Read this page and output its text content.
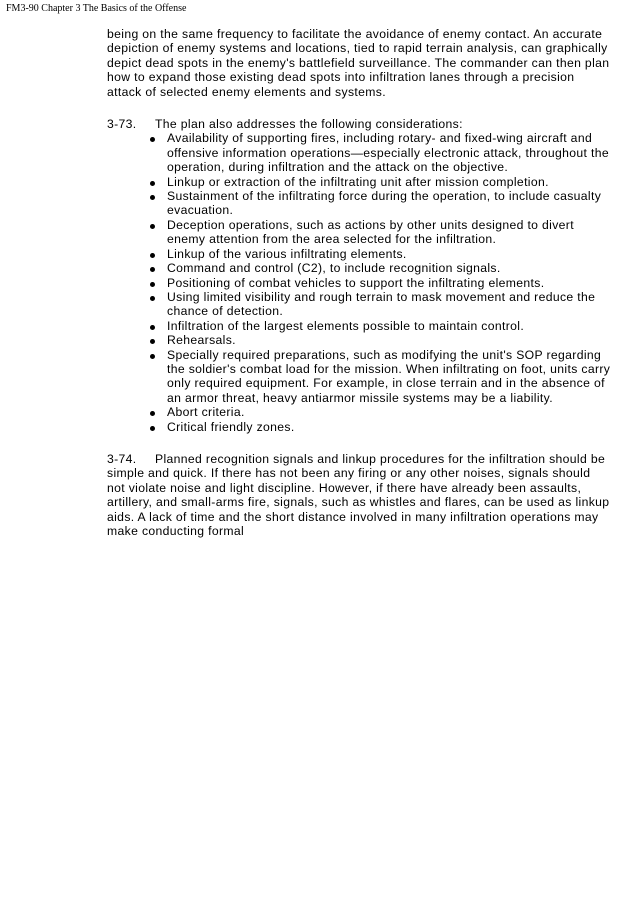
FM3-90 Chapter 3 The Basics of the Offense

being on the same frequency to facilitate the avoidance of enemy contact. An accurate depiction of enemy systems and locations, tied to rapid terrain analysis, can graphically depict dead spots in the enemy's battlefield surveillance. The commander can then plan how to expand those existing dead spots into infiltration lanes through a precision attack of selected enemy elements and systems.

3-73. The plan also addresses the following considerations:

Availability of supporting fires, including rotary- and fixed-wing aircraft and offensive information operations—especially electronic attack, throughout the operation, during infiltration and the attack on the objective.
Linkup or extraction of the infiltrating unit after mission completion.
Sustainment of the infiltrating force during the operation, to include casualty evacuation.
Deception operations, such as actions by other units designed to divert enemy attention from the area selected for the infiltration.
Linkup of the various infiltrating elements.
Command and control (C2), to include recognition signals.
Positioning of combat vehicles to support the infiltrating elements.
Using limited visibility and rough terrain to mask movement and reduce the chance of detection.
Infiltration of the largest elements possible to maintain control.
Rehearsals.
Specially required preparations, such as modifying the unit's SOP regarding the soldier's combat load for the mission. When infiltrating on foot, units carry only required equipment. For example, in close terrain and in the absence of an armor threat, heavy antiarmor missile systems may be a liability.
Abort criteria.
Critical friendly zones.

3-74. Planned recognition signals and linkup procedures for the infiltration should be simple and quick. If there has not been any firing or any other noises, signals should not violate noise and light discipline. However, if there have already been assaults, artillery, and small-arms fire, signals, such as whistles and flares, can be used as linkup aids. A lack of time and the short distance involved in many infiltration operations may make conducting formal
